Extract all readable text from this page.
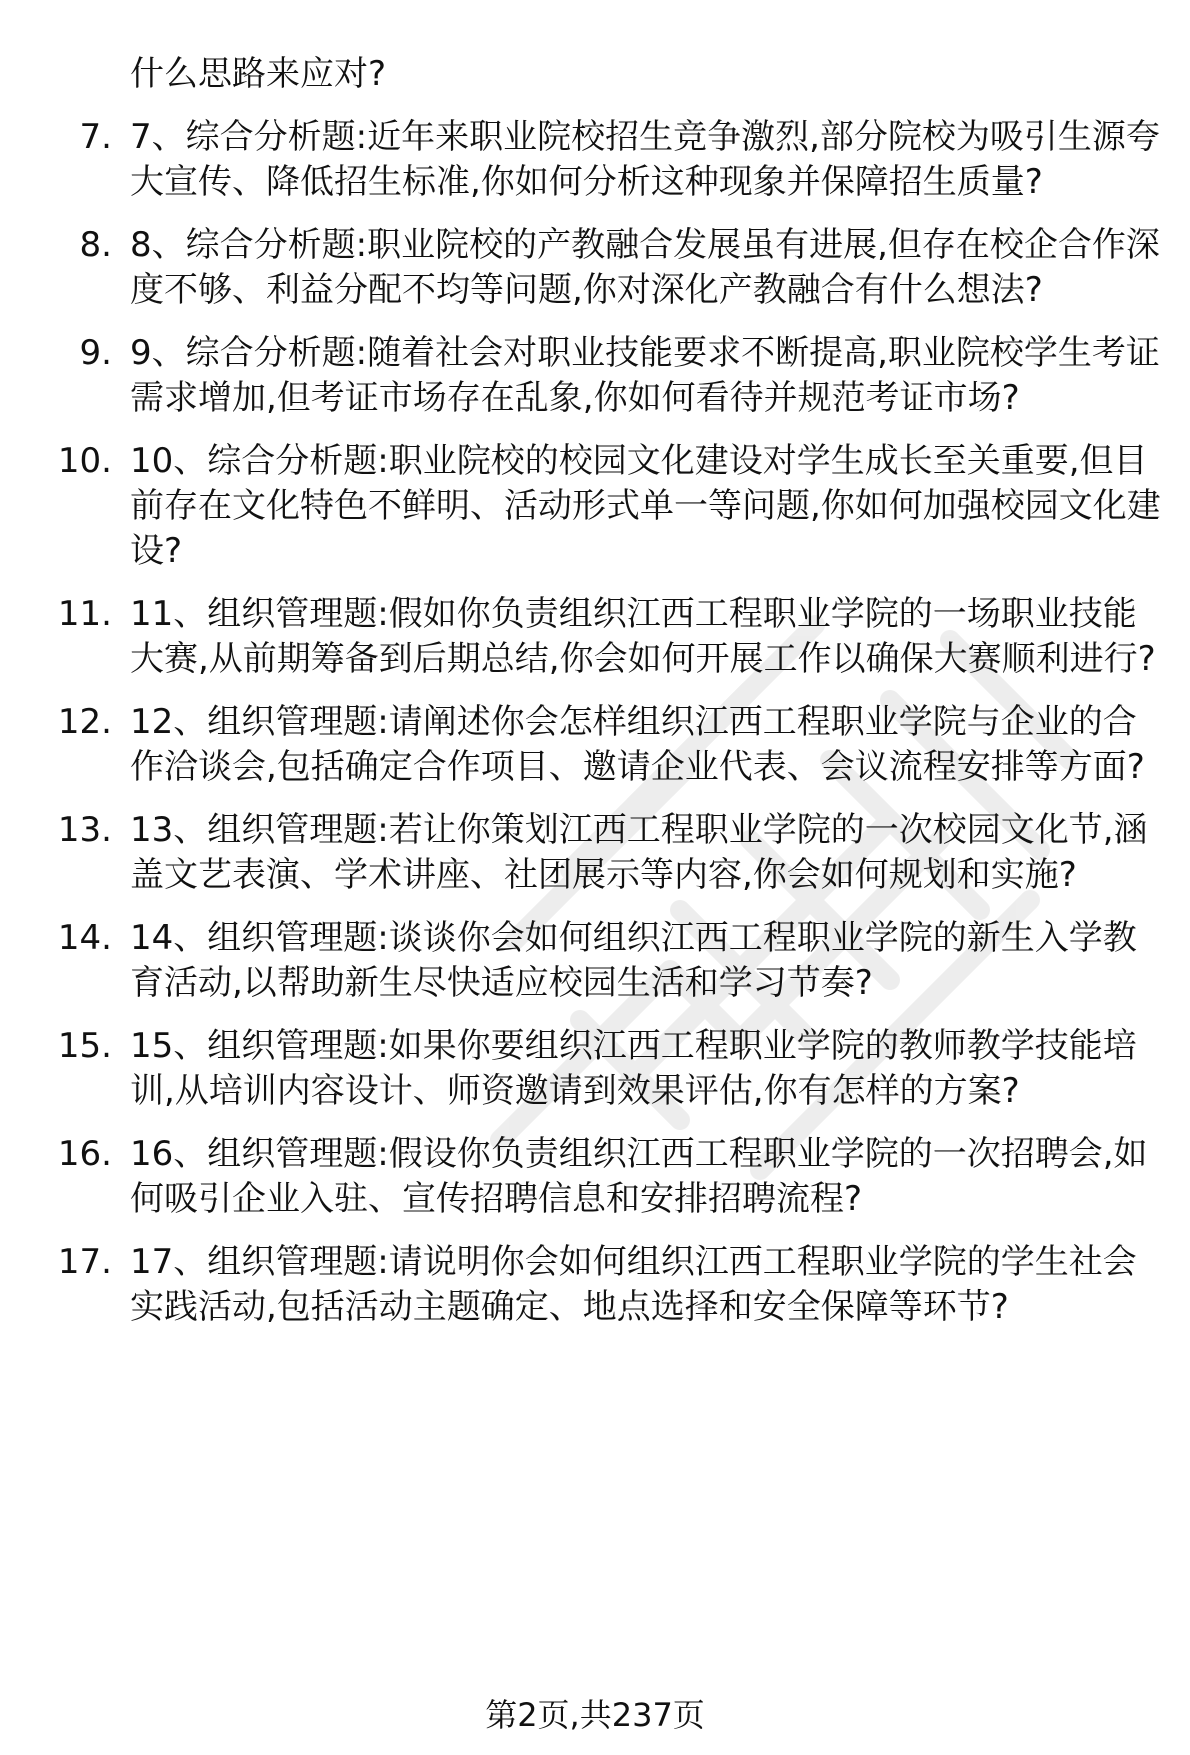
什么思路来应对?

7. 7、综合分析题:近年来职业院校招生竞争激烈,部分院校为吸引生源夸大宣传、降低招生标准,你如何分析这种现象并保障招生质量?
8. 8、综合分析题:职业院校的产教融合发展虽有进展,但存在校企合作深度不够、利益分配不均等问题,你对深化产教融合有什么想法?
9. 9、综合分析题:随着社会对职业技能要求不断提高,职业院校学生考证需求增加,但考证市场存在乱象,你如何看待并规范考证市场?
10. 10、综合分析题:职业院校的校园文化建设对学生成长至关重要,但目前存在文化特色不鲜明、活动形式单一等问题,你如何加强校园文化建设?
11. 11、组织管理题:假如你负责组织江西工程职业学院的一场职业技能大赛,从前期筹备到后期总结,你会如何开展工作以确保大赛顺利进行?
12. 12、组织管理题:请阐述你会怎样组织江西工程职业学院与企业的合作洽谈会,包括确定合作项目、邀请企业代表、会议流程安排等方面?
13. 13、组织管理题:若让你策划江西工程职业学院的一次校园文化节,涵盖文艺表演、学术讲座、社团展示等内容,你会如何规划和实施?
14. 14、组织管理题:谈谈你会如何组织江西工程职业学院的新生入学教育活动,以帮助新生尽快适应校园生活和学习节奏?
15. 15、组织管理题:如果你要组织江西工程职业学院的教师教学技能培训,从培训内容设计、师资邀请到效果评估,你有怎样的方案?
16. 16、组织管理题:假设你负责组织江西工程职业学院的一次招聘会,如何吸引企业入驻、宣传招聘信息和安排招聘流程?
17. 17、组织管理题:请说明你会如何组织江西工程职业学院的学生社会实践活动,包括活动主题确定、地点选择和安全保障等环节?
第2页,共237页
